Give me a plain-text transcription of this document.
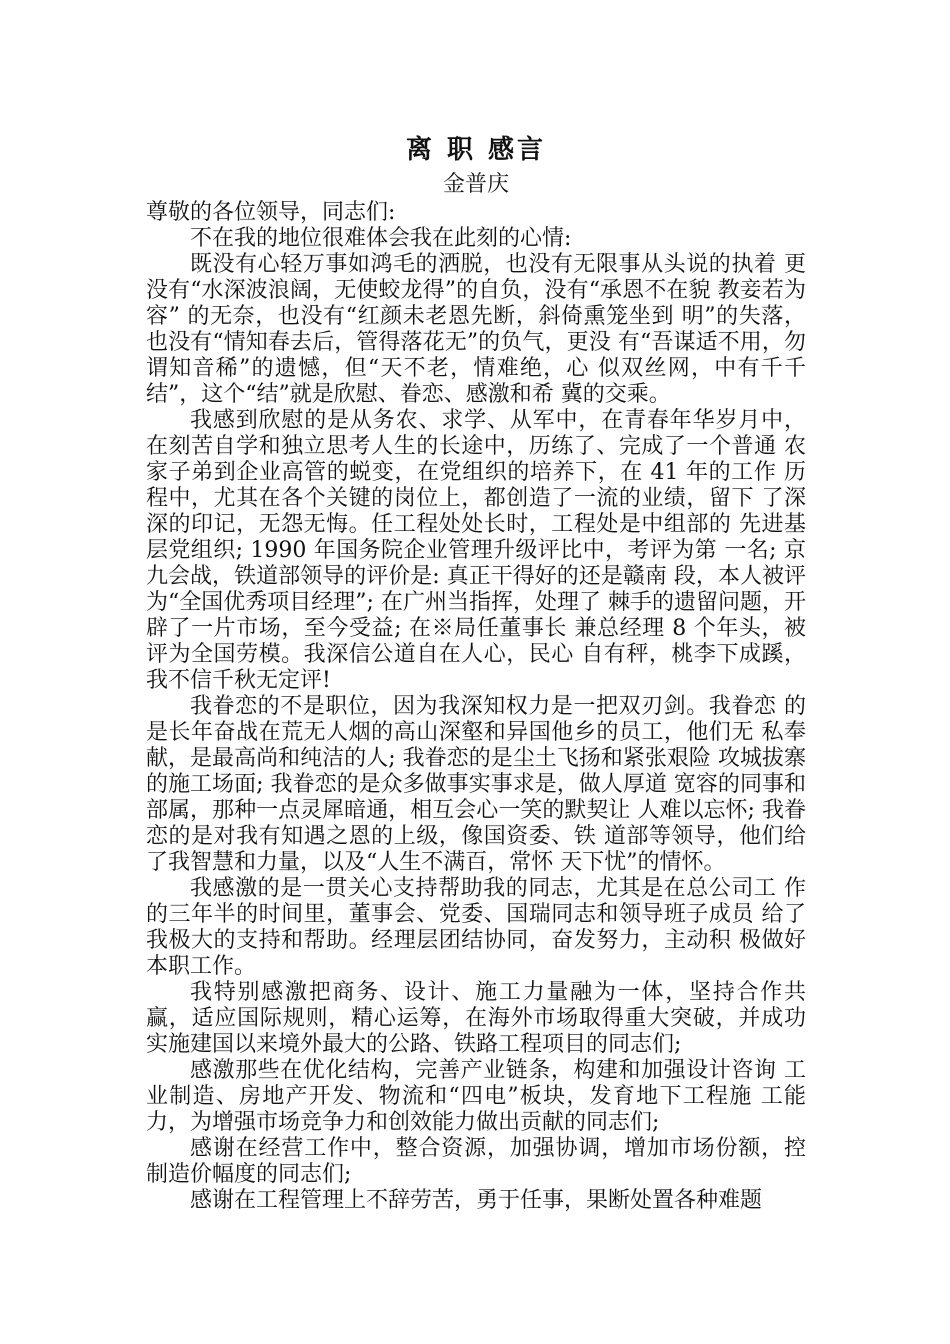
离 职 感言

金普庆

尊敬的各位领导，同志们:

不在我的地位很难体会我在此刻的心情:

既没有心轻万事如鸿毛的洒脱，也没有无限事从头说的执着 更没有“水深波浪阔，无使蛟龙得”的自负，没有“承恩不在貌 教妾若为容” 的无奈，也没有“红颜未老恩先断，斜倚熏笼坐到 明”的失落，也没有“情知春去后，管得落花无”的负气，更没 有“吾谋适不用，勿谓知音稀”的遗憾，但“天不老，情难绝，心 似双丝网，中有千千结”，这个“结”就是欣慰、眷恋、感激和希 冀的交乘。

我感到欣慰的是从务农、求学、从军中，在青春年华岁月中， 在刻苦自学和独立思考人生的长途中，历练了、完成了一个普通 农家子弟到企业高管的蜕变，在党组织的培养下，在 41 年的工作 历程中，尤其在各个关键的岗位上，都创造了一流的业绩，留下 了深深的印记，无怨无悔。任工程处处长时，工程处是中组部的 先进基层党组织; 1990 年国务院企业管理升级评比中，考评为第 一名; 京九会战，铁道部领导的评价是: 真正干得好的还是赣南 段，本人被评为“全国优秀项目经理”; 在广州当指挥，处理了 棘手的遗留问题，开辟了一片市场，至今受益; 在※局任董事长 兼总经理 8 个年头，被评为全国劳模。我深信公道自在人心，民心 自有秤，桃李下成蹊，我不信千秋无定评!

我眷恋的不是职位，因为我深知权力是一把双刃剑。我眷恋 的是长年奋战在荒无人烟的高山深壑和异国他乡的员工，他们无 私奉献，是最高尚和纯洁的人; 我眷恋的是尘土飞扬和紧张艰险 攻城拔寨的施工场面; 我眷恋的是众多做事实事求是，做人厚道 宽容的同事和部属，那种一点灵犀暗通，相互会心一笑的默契让 人难以忘怀; 我眷恋的是对我有知遇之恩的上级，像国资委、铁 道部等领导，他们给了我智慧和力量，以及“人生不满百，常怀 天下忧”的情怀。

我感激的是一贯关心支持帮助我的同志，尤其是在总公司工 作的三年半的时间里，董事会、党委、国瑞同志和领导班子成员 给了我极大的支持和帮助。经理层团结协同，奋发努力，主动积 极做好本职工作。

我特别感激把商务、设计、施工力量融为一体，坚持合作共 赢，适应国际规则，精心运筹，在海外市场取得重大突破，并成功 实施建国以来境外最大的公路、铁路工程项目的同志们;

感激那些在优化结构，完善产业链条，构建和加强设计咨询 工业制造、房地产开发、物流和“四电”板块，发育地下工程施 工能力，为增强市场竞争力和创效能力做出贡献的同志们;

感谢在经营工作中，整合资源，加强协调，增加市场份额，控 制造价幅度的同志们;

感谢在工程管理上不辞劳苦，勇于任事，果断处置各种难题
